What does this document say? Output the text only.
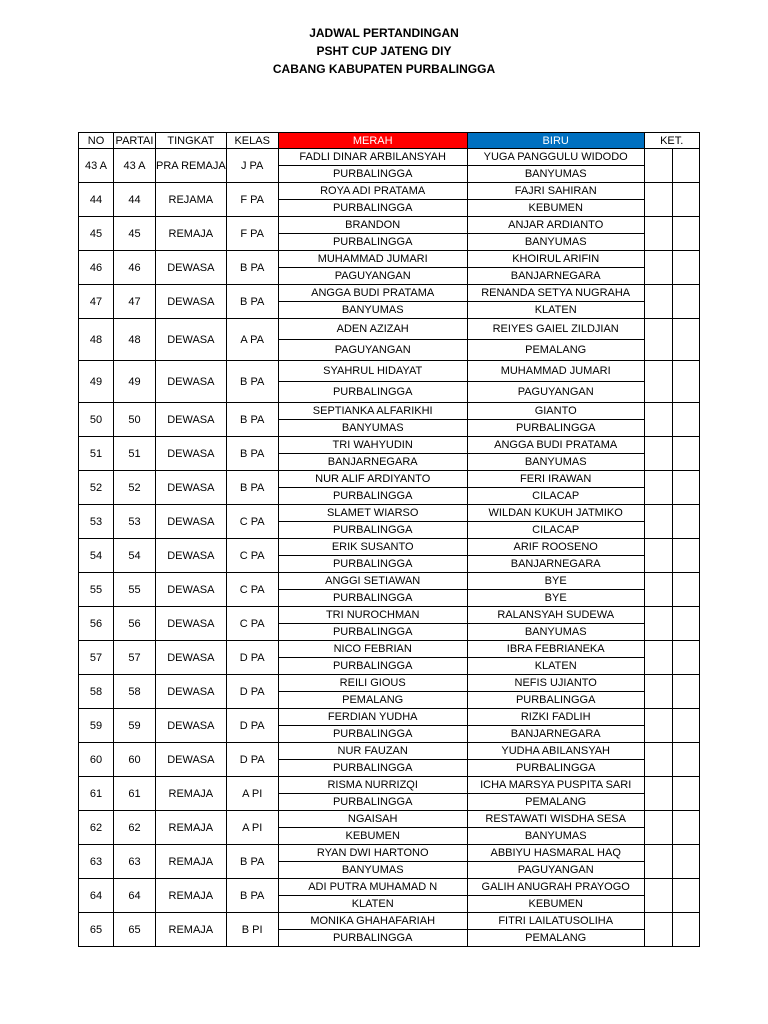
JADWAL PERTANDINGAN
PSHT CUP JATENG DIY
CABANG KABUPATEN PURBALINGGA
NO	PARTAI	TINGKAT	KELAS	MERAH	BIRU	KET.	
43 A	43 A	PRA REMAJA	J PA	FADLI DINAR ARBILANSYAH	YUGA PANGGULU WIDODO		
				PURBALINGGA	BANYUMAS		
44	44	REJAMA	F PA	ROYA ADI PRATAMA	FAJRI SAHIRAN		
				PURBALINGGA	KEBUMEN		
45	45	REMAJA	F PA	BRANDON	ANJAR ARDIANTO		
				PURBALINGGA	BANYUMAS		
46	46	DEWASA	B PA	MUHAMMAD JUMARI	KHOIRUL ARIFIN		
				PAGUYANGAN	BANJARNEGARA		
47	47	DEWASA	B PA	ANGGA BUDI PRATAMA	RENANDA SETYA NUGRAHA		
				BANYUMAS	KLATEN		
48	48	DEWASA	A PA	ADEN AZIZAH	REIYES GAIEL ZILDJIAN		
				PAGUYANGAN	PEMALANG		
49	49	DEWASA	B PA	SYAHRUL HIDAYAT	MUHAMMAD JUMARI		
				PURBALINGGA	PAGUYANGAN		
50	50	DEWASA	B PA	SEPTIANKA ALFARIKHI	GIANTO		
				BANYUMAS	PURBALINGGA		
51	51	DEWASA	B PA	TRI WAHYUDIN	ANGGA BUDI PRATAMA		
				BANJARNEGARA	BANYUMAS		
52	52	DEWASA	B PA	NUR ALIF ARDIYANTO	FERI IRAWAN		
				PURBALINGGA	CILACAP		
53	53	DEWASA	C PA	SLAMET WIARSO	WILDAN KUKUH JATMIKO		
				PURBALINGGA	CILACAP		
54	54	DEWASA	C PA	ERIK SUSANTO	ARIF ROOSENO		
				PURBALINGGA	BANJARNEGARA		
55	55	DEWASA	C PA	ANGGI SETIAWAN	BYE		
				PURBALINGGA	BYE		
56	56	DEWASA	C PA	TRI NUROCHMAN	RALANSYAH SUDEWA		
				PURBALINGGA	BANYUMAS		
57	57	DEWASA	D PA	NICO FEBRIAN	IBRA FEBRIANEKA		
				PURBALINGGA	KLATEN		
58	58	DEWASA	D PA	REILI GIOUS	NEFIS UJIANTO		
				PEMALANG	PURBALINGGA		
59	59	DEWASA	D PA	FERDIAN YUDHA	RIZKI FADLIH		
				PURBALINGGA	BANJARNEGARA		
60	60	DEWASA	D PA	NUR FAUZAN	YUDHA ABILANSYAH		
				PURBALINGGA	PURBALINGGA		
61	61	REMAJA	A PI	RISMA NURRIZQI	ICHA MARSYA PUSPITA SARI		
				PURBALINGGA	PEMALANG		
62	62	REMAJA	A PI	NGAISAH	RESTAWATI WISDHA SESA		
				KEBUMEN	BANYUMAS		
63	63	REMAJA	B PA	RYAN DWI HARTONO	ABBIYU HASMARAL HAQ		
				BANYUMAS	PAGUYANGAN		
64	64	REMAJA	B PA	ADI PUTRA MUHAMAD N	GALIH ANUGRAH PRAYOGO		
				KLATEN	KEBUMEN		
65	65	REMAJA	B PI	MONIKA GHAHAFARIAH	FITRI LAILATUSOLIHA		
				PURBALINGGA	PEMALANG		
